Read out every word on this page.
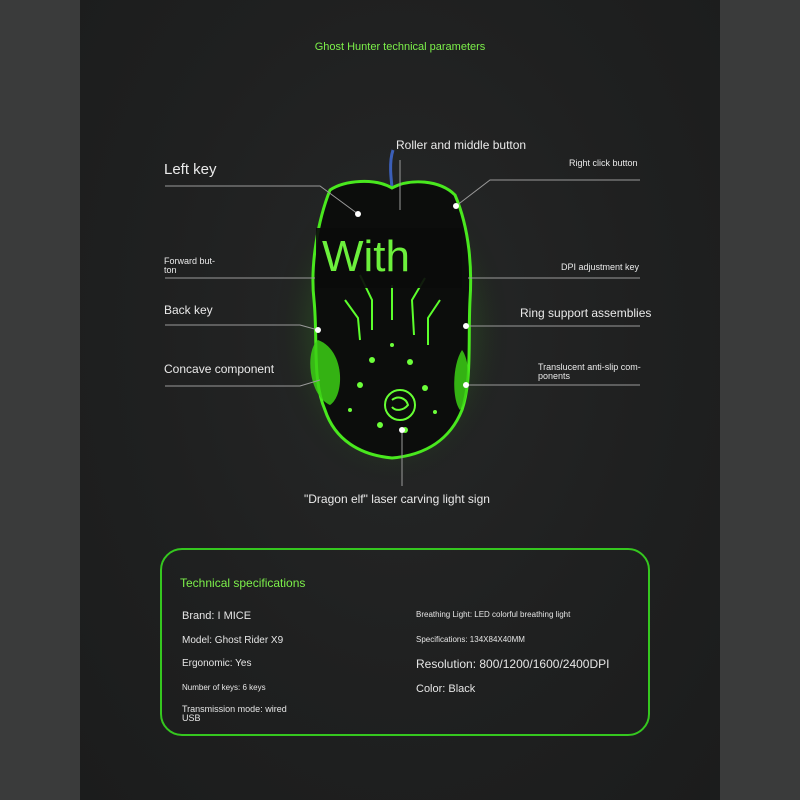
Ghost Hunter technical parameters
With
Left key
Roller and middle button
Right click button
Forward but-
ton	DPI adjustment key
Back key	Ring support assemblies
Concave component	Translucent anti-slip com-
ponents
"Dragon elf" laser carving light sign
Technical specifications
Brand: I MICE
Model: Ghost Rider X9
Ergonomic: Yes
Number of keys: 6 keys
Transmission mode: wired
USB
Breathing Light: LED colorful breathing light
Specifications: 134X84X40MM
Resolution: 800/1200/1600/2400DPI
Color: Black
